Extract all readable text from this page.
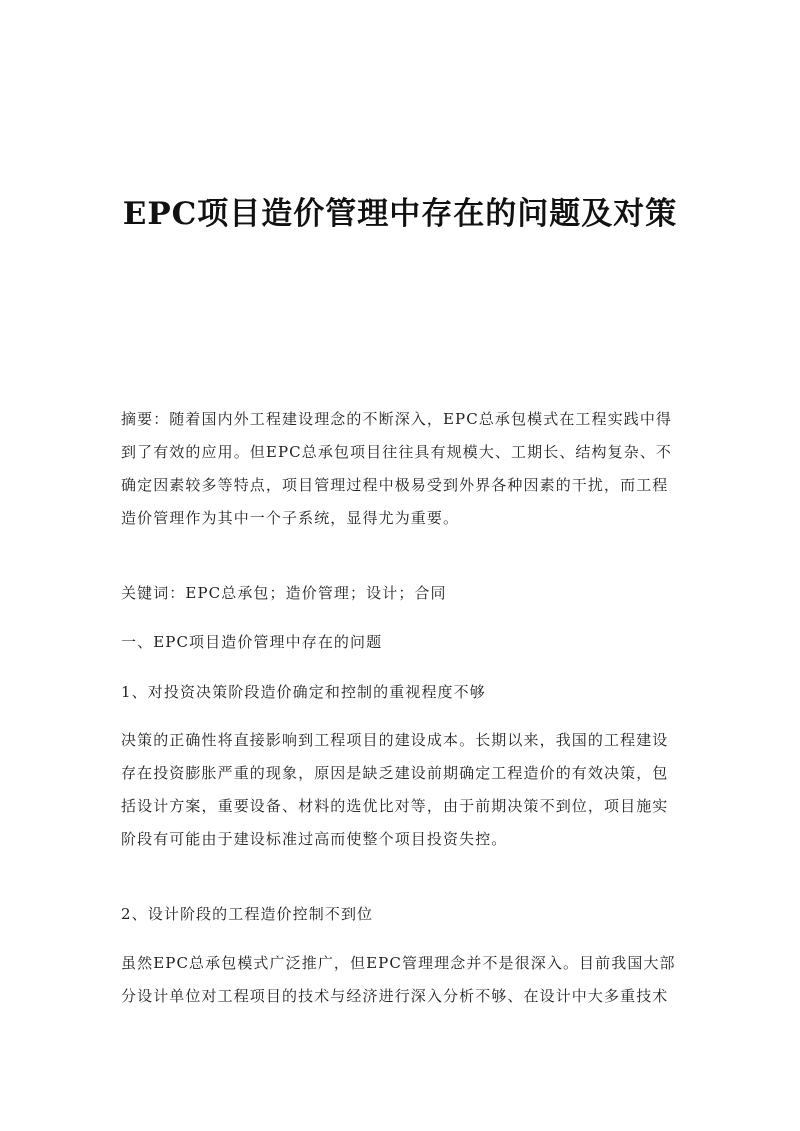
EPC项目造价管理中存在的问题及对策
摘要：随着国内外工程建设理念的不断深入，EPC总承包模式在工程实践中得
到了有效的应用。但EPC总承包项目往往具有规模大、工期长、结构复杂、不
确定因素较多等特点，项目管理过程中极易受到外界各种因素的干扰，而工程
造价管理作为其中一个子系统，显得尤为重要。
关键词：EPC总承包；造价管理；设计；合同
一、EPC项目造价管理中存在的问题
1、对投资决策阶段造价确定和控制的重视程度不够
决策的正确性将直接影响到工程项目的建设成本。长期以来，我国的工程建设
存在投资膨胀严重的现象，原因是缺乏建设前期确定工程造价的有效决策，包
括设计方案，重要设备、材料的选优比对等，由于前期决策不到位，项目施实
阶段有可能由于建设标准过高而使整个项目投资失控。
2、设计阶段的工程造价控制不到位
虽然EPC总承包模式广泛推广，但EPC管理理念并不是很深入。目前我国大部
分设计单位对工程项目的技术与经济进行深入分析不够、在设计中大多重技术
